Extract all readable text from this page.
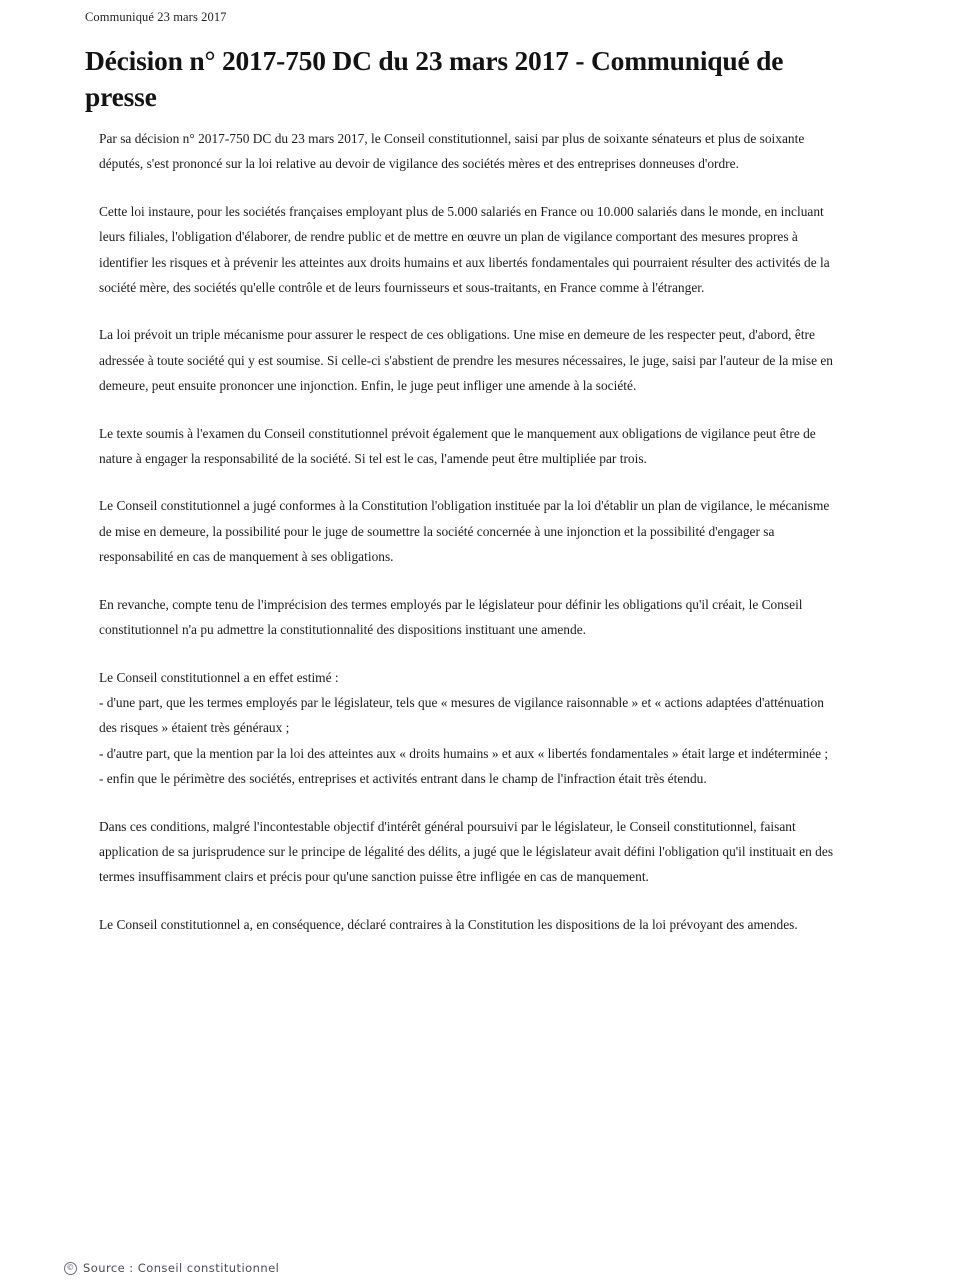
Communiqué 23 mars 2017
Décision n° 2017-750 DC du 23 mars 2017 - Communiqué de presse

Par sa décision n° 2017-750 DC du 23 mars 2017, le Conseil constitutionnel, saisi par plus de soixante sénateurs et plus de soixante députés, s'est prononcé sur la loi relative au devoir de vigilance des sociétés mères et des entreprises donneuses d'ordre.

Cette loi instaure, pour les sociétés françaises employant plus de 5.000 salariés en France ou 10.000 salariés dans le monde, en incluant leurs filiales, l'obligation d'élaborer, de rendre public et de mettre en œuvre un plan de vigilance comportant des mesures propres à identifier les risques et à prévenir les atteintes aux droits humains et aux libertés fondamentales qui pourraient résulter des activités de la société mère, des sociétés qu'elle contrôle et de leurs fournisseurs et sous-traitants, en France comme à l'étranger.

La loi prévoit un triple mécanisme pour assurer le respect de ces obligations. Une mise en demeure de les respecter peut, d'abord, être adressée à toute société qui y est soumise. Si celle-ci s'abstient de prendre les mesures nécessaires, le juge, saisi par l'auteur de la mise en demeure, peut ensuite prononcer une injonction. Enfin, le juge peut infliger une amende à la société.

Le texte soumis à l'examen du Conseil constitutionnel prévoit également que le manquement aux obligations de vigilance peut être de nature à engager la responsabilité de la société. Si tel est le cas, l'amende peut être multipliée par trois.

Le Conseil constitutionnel a jugé conformes à la Constitution l'obligation instituée par la loi d'établir un plan de vigilance, le mécanisme de mise en demeure, la possibilité pour le juge de soumettre la société concernée à une injonction et la possibilité d'engager sa responsabilité en cas de manquement à ses obligations.

En revanche, compte tenu de l'imprécision des termes employés par le législateur pour définir les obligations qu'il créait, le Conseil constitutionnel n'a pu admettre la constitutionnalité des dispositions instituant une amende.

Le Conseil constitutionnel a en effet estimé :

- d'une part, que les termes employés par le législateur, tels que « mesures de vigilance raisonnable » et « actions adaptées d'atténuation des risques » étaient très généraux ;

- d'autre part, que la mention par la loi des atteintes aux « droits humains » et aux « libertés fondamentales » était large et indéterminée ;

- enfin que le périmètre des sociétés, entreprises et activités entrant dans le champ de l'infraction était très étendu.

Dans ces conditions, malgré l'incontestable objectif d'intérêt général poursuivi par le législateur, le Conseil constitutionnel, faisant application de sa jurisprudence sur le principe de légalité des délits, a jugé que le législateur avait défini l'obligation qu'il instituait en des termes insuffisamment clairs et précis pour qu'une sanction puisse être infligée en cas de manquement.

Le Conseil constitutionnel a, en conséquence, déclaré contraires à la Constitution les dispositions de la loi prévoyant des amendes.

© Source : Conseil constitutionnel
